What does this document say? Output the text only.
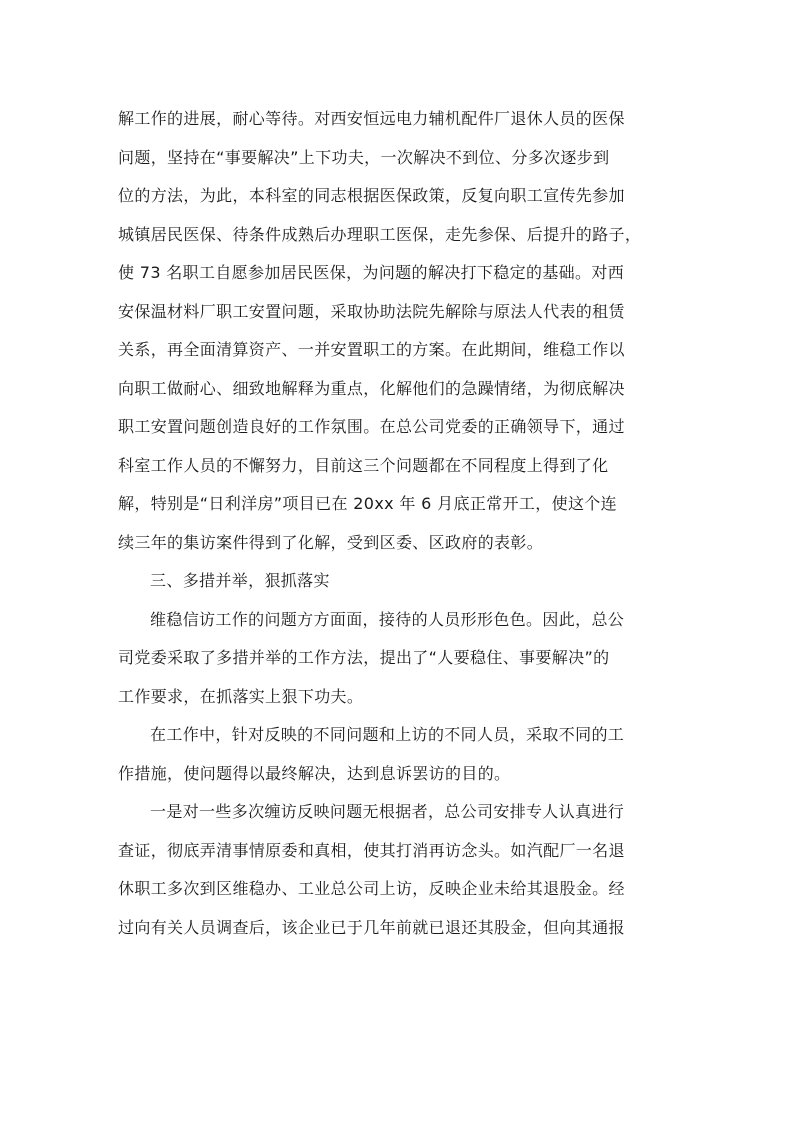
解工作的进展，耐心等待。对西安恒远电力辅机配件厂退休人员的医保
问题，坚持在“事要解决”上下功夫，一次解决不到位、分多次逐步到
位的方法，为此，本科室的同志根据医保政策，反复向职工宣传先参加
城镇居民医保、待条件成熟后办理职工医保，走先参保、后提升的路子，
使 73 名职工自愿参加居民医保，为问题的解决打下稳定的基础。对西
安保温材料厂职工安置问题，采取协助法院先解除与原法人代表的租赁
关系，再全面清算资产、一并安置职工的方案。在此期间，维稳工作以
向职工做耐心、细致地解释为重点，化解他们的急躁情绪，为彻底解决
职工安置问题创造良好的工作氛围。在总公司党委的正确领导下，通过
科室工作人员的不懈努力，目前这三个问题都在不同程度上得到了化
解，特别是“日利洋房”项目已在 20xx 年 6 月底正常开工，使这个连
续三年的集访案件得到了化解，受到区委、区政府的表彰。
三、多措并举，狠抓落实
维稳信访工作的问题方方面面，接待的人员形形色色。因此，总公
司党委采取了多措并举的工作方法，提出了“人要稳住、事要解决”的
工作要求，在抓落实上狠下功夫。
在工作中，针对反映的不同问题和上访的不同人员，采取不同的工
作措施，使问题得以最终解决，达到息诉罢访的目的。
一是对一些多次缠访反映问题无根据者，总公司安排专人认真进行
查证，彻底弄清事情原委和真相，使其打消再访念头。如汽配厂一名退
休职工多次到区维稳办、工业总公司上访，反映企业未给其退股金。经
过向有关人员调查后，该企业已于几年前就已退还其股金，但向其通报
